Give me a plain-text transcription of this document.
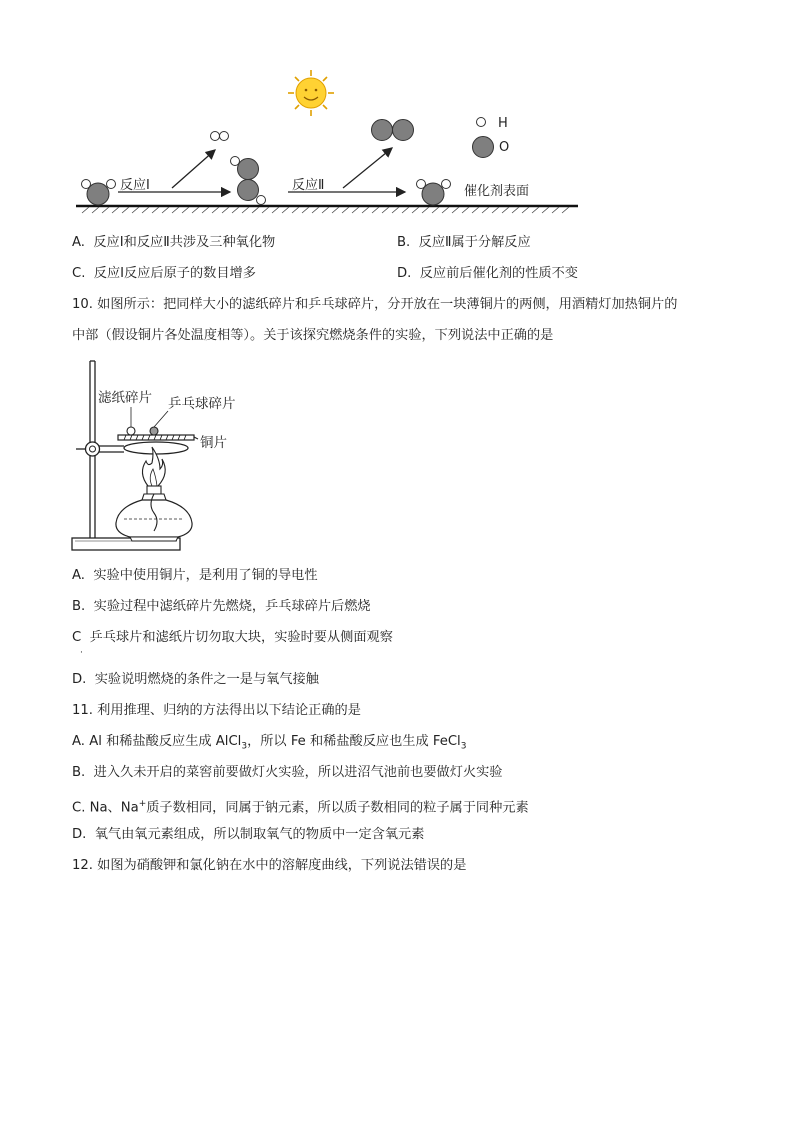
反应Ⅰ	反应Ⅱ
H
O
催化剂表面
A. 反应Ⅰ和反应Ⅱ共涉及三种氧化物	B. 反应Ⅱ属于分解反应
C. 反应Ⅰ反应后原子的数目增多	D. 反应前后催化剂的性质不变
10. 如图所示：把同样大小的滤纸碎片和乒乓球碎片，分开放在一块薄铜片的两侧，用酒精灯加热铜片的
中部（假设铜片各处温度相等）。关于该探究燃烧条件的实验，下列说法中正确的是
滤纸碎片 乒乓球碎片
铜片
A. 实验中使用铜片，是利用了铜的导电性
B. 实验过程中滤纸碎片先燃烧，乒乓球碎片后燃烧
C 乒乓球片和滤纸片切勿取大块，实验时要从侧面观察
·
D. 实验说明燃烧的条件之一是与氧气接触
11. 利用推理、归纳的方法得出以下结论正确的是
A. Al 和稀盐酸反应生成 AlCl$_3$，所以 Fe 和稀盐酸反应也生成 FeCl$_3$
B. 进入久未开启的菜窖前要做灯火实验，所以进沼气池前也要做灯火实验
C. Na、Na+质子数相同，同属于钠元素，所以质子数相同的粒子属于同种元素
D. 氧气由氧元素组成，所以制取氧气的物质中一定含氧元素
12. 如图为硝酸钾和氯化钠在水中的溶解度曲线，下列说法错误的是
